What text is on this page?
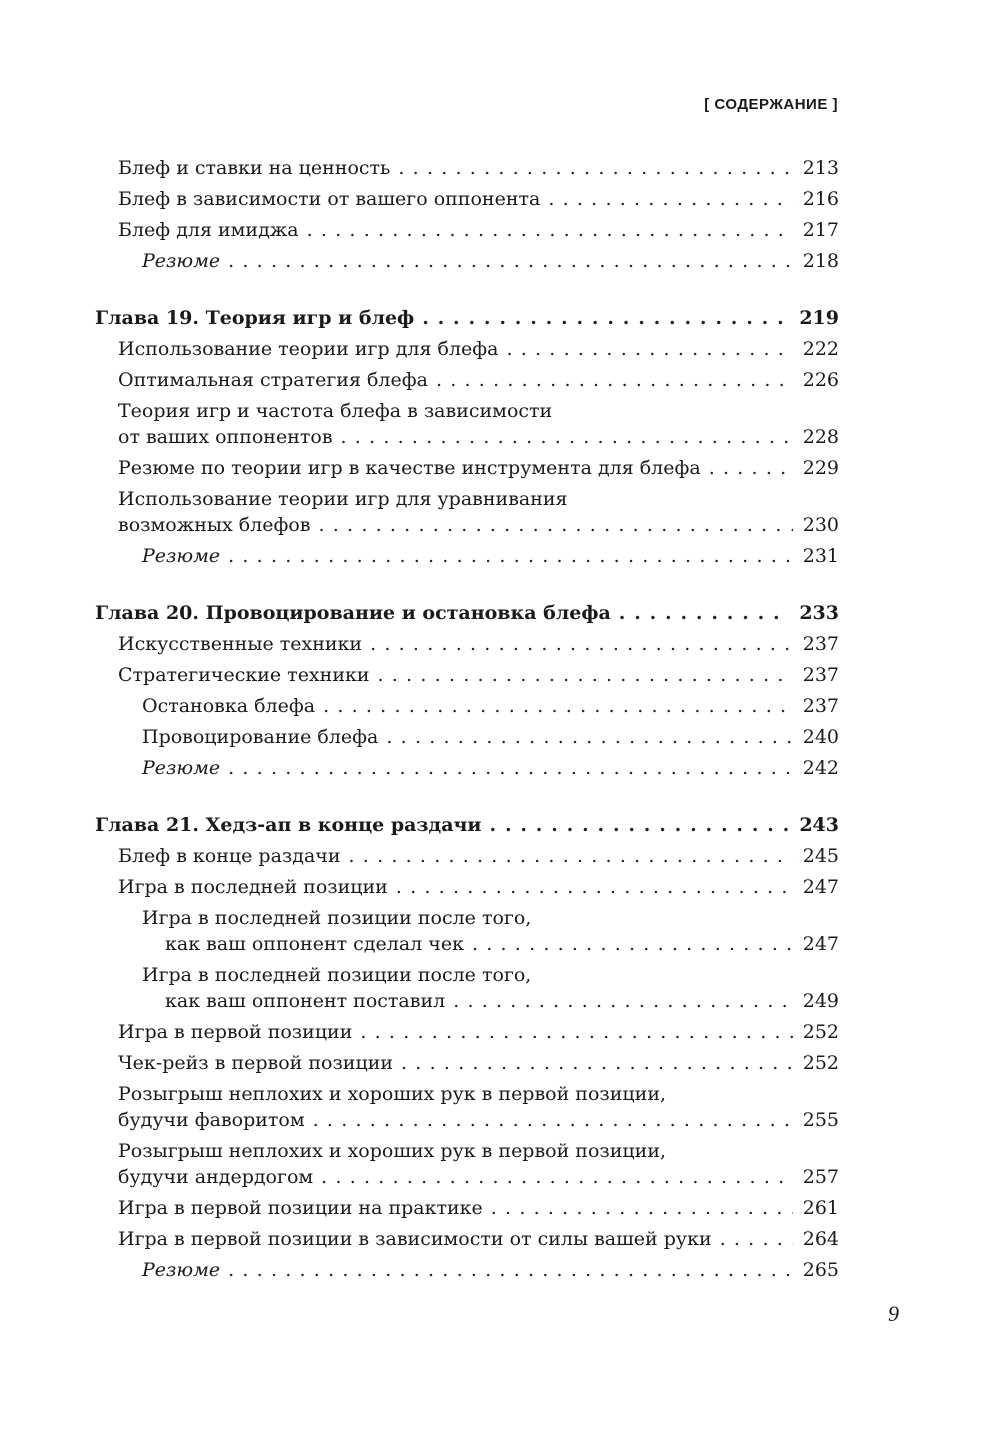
[ СОДЕРЖАНИЕ ]
Блеф и ставки на ценность . . .	213
Блеф в зависимости от вашего оппонента . . .	216
Блеф для имиджа . . .	217
Резюме . . .	218
Глава 19. Теория игр и блеф . . .	219
Использование теории игр для блефа . . .	222
Оптимальная стратегия блефа . . .	226
Теория игр и частота блефа в зависимости
от ваших оппонентов . . .	228
Резюме по теории игр в качестве инструмента для блефа . . .	229
Использование теории игр для уравнивания
возможных блефов . . .	230
Резюме . . .	231
Глава 20. Провоцирование и остановка блефа . . .	233
Искусственные техники . . .	237
Стратегические техники . . .	237
Остановка блефа . . .	237
Провоцирование блефа . . .	240
Резюме . . .	242
Глава 21. Хедз-ап в конце раздачи . . .	243
Блеф в конце раздачи . . .	245
Игра в последней позиции . . .	247
Игра в последней позиции после того,
как ваш оппонент сделал чек . . .	247
Игра в последней позиции после того,
как ваш оппонент поставил . . .	249
Игра в первой позиции . . .	252
Чек-рейз в первой позиции . . .	252
Розыгрыш неплохих и хороших рук в первой позиции,
будучи фаворитом . . .	255
Розыгрыш неплохих и хороших рук в первой позиции,
будучи андердогом . . .	257
Игра в первой позиции на практике . . .	261
Игра в первой позиции в зависимости от силы вашей руки . . .	264
Резюме . . .	265
9
